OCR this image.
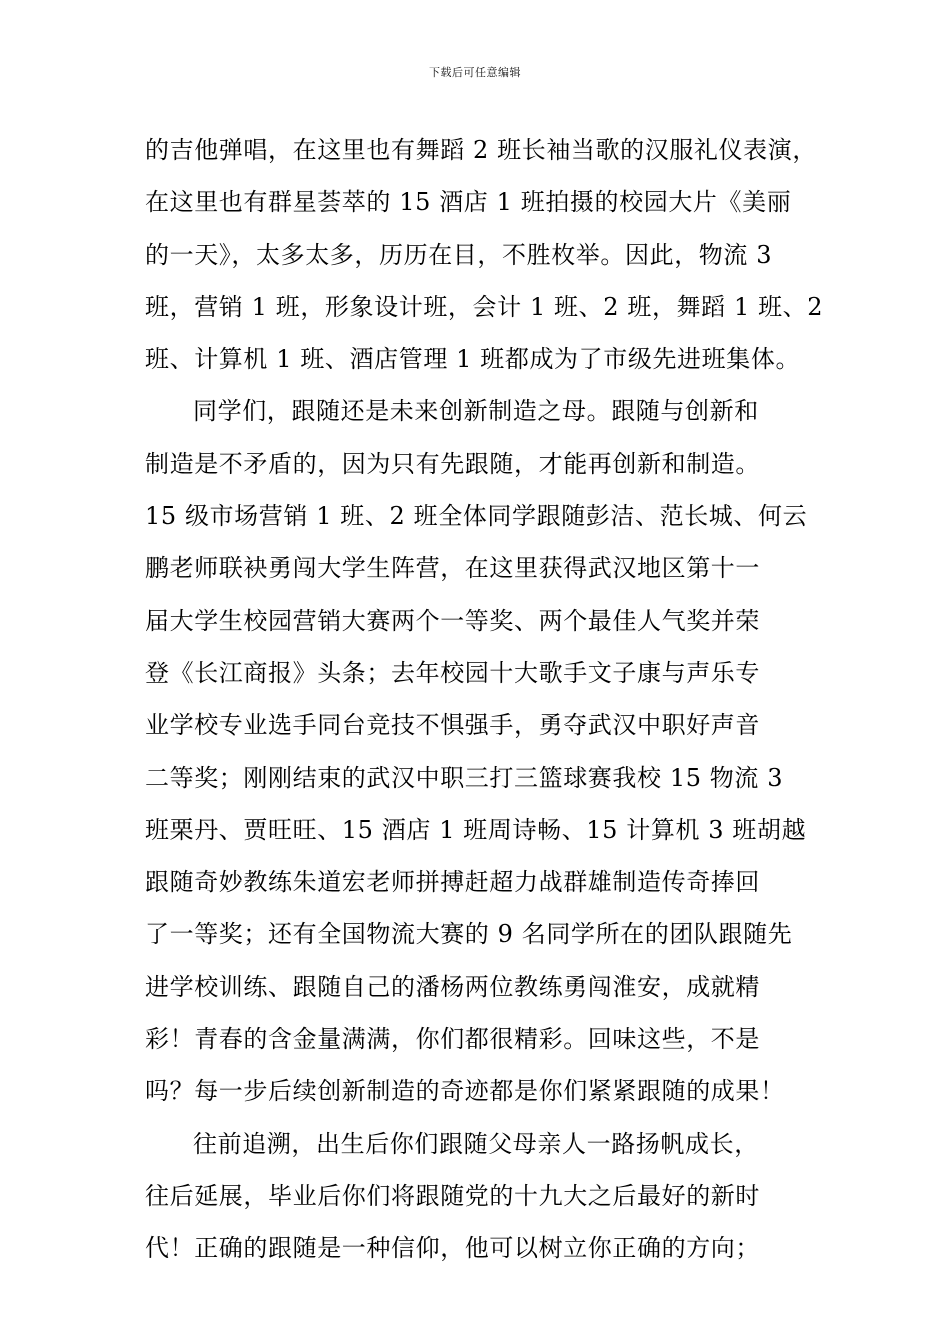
下载后可任意编辑
的吉他弹唱，在这里也有舞蹈 2 班长袖当歌的汉服礼仪表演，
在这里也有群星荟萃的 15 酒店 1 班拍摄的校园大片《美丽
的一天》，太多太多，历历在目，不胜枚举。因此，物流 3
班，营销 1 班，形象设计班，会计 1 班、2 班，舞蹈 1 班、2
班、计算机 1 班、酒店管理 1 班都成为了市级先进班集体。
同学们，跟随还是未来创新制造之母。跟随与创新和
制造是不矛盾的，因为只有先跟随，才能再创新和制造。
15 级市场营销 1 班、2 班全体同学跟随彭洁、范长城、何云
鹏老师联袂勇闯大学生阵营，在这里获得武汉地区第十一
届大学生校园营销大赛两个一等奖、两个最佳人气奖并荣
登《长江商报》头条；去年校园十大歌手文子康与声乐专
业学校专业选手同台竞技不惧强手，勇夺武汉中职好声音
二等奖；刚刚结束的武汉中职三打三篮球赛我校 15 物流 3
班栗丹、贾旺旺、15 酒店 1 班周诗畅、15 计算机 3 班胡越
跟随奇妙教练朱道宏老师拼搏赶超力战群雄制造传奇捧回
了一等奖；还有全国物流大赛的 9 名同学所在的团队跟随先
进学校训练、跟随自己的潘杨两位教练勇闯淮安，成就精
彩！青春的含金量满满，你们都很精彩。回味这些，不是
吗？每一步后续创新制造的奇迹都是你们紧紧跟随的成果！
往前追溯，出生后你们跟随父母亲人一路扬帆成长，
往后延展，毕业后你们将跟随党的十九大之后最好的新时
代！正确的跟随是一种信仰，他可以树立你正确的方向；
